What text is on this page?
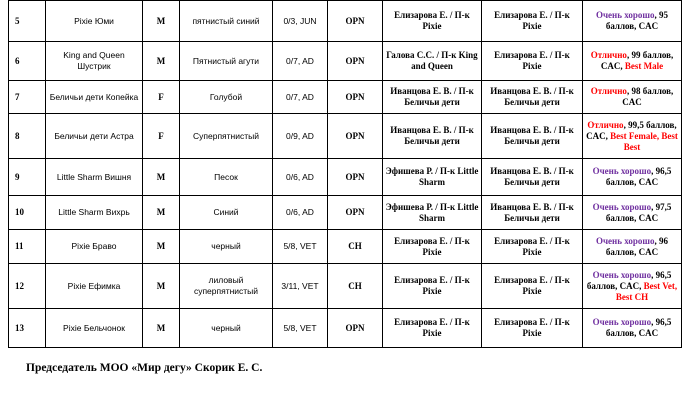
5	Pixie Юми	M	пятнистый синий	0/3, JUN	OPN	Елизарова Е. / П-к Pixie	Елизарова Е. / П-к Pixie	Очень хорошо, 95 баллов, CAC
6	King and Queen Шустрик	M	Пятнистый агути	0/7, AD	OPN	Галова С.С. / П-к King and Queen	Елизарова Е. / П-к Pixie	Отлично, 99 баллов, CAC, Best Male
7	Беличьи дети Копейка	F	Голубой	0/7, AD	OPN	Иванцова Е. В. / П-к Беличьи дети	Иванцова Е. В. / П-к Беличьи дети	Отлично, 98 баллов, CAC
8	Беличьи дети Астра	F	Суперпятнистый	0/9, AD	OPN	Иванцова Е. В. / П-к Беличьи дети	Иванцова Е. В. / П-к Беличьи дети	Отлично, 99,5 баллов, CAC, Best Female, Best Best
9	Little Sharm Вишня	M	Песок	0/6, AD	OPN	Эфишева Р. / П-к Little Sharm	Иванцова Е. В. / П-к Беличьи дети	Очень хорошо, 96,5 баллов, CAC
10	Little Sharm Вихрь	M	Синий	0/6, AD	OPN	Эфишева Р. / П-к Little Sharm	Иванцова Е. В. / П-к Беличьи дети	Очень хорошо, 97,5 баллов, CAC
11	Pixie Браво	M	черный	5/8, VET	CH	Елизарова Е. / П-к Pixie	Елизарова Е. / П-к Pixie	Очень хорошо, 96 баллов, CAC
12	Pixie Ефимка	M	лиловый суперпятнистый	3/11, VET	CH	Елизарова Е. / П-к Pixie	Елизарова Е. / П-к Pixie	Очень хорошо, 96,5 баллов, CAC, Best Vet, Best CH
13	Pixie Бельчонок	M	черный	5/8, VET	OPN	Елизарова Е. / П-к Pixie	Елизарова Е. / П-к Pixie	Очень хорошо, 96,5 баллов, CAC
Председатель МОО «Мир дегу» Скорик Е. С.
